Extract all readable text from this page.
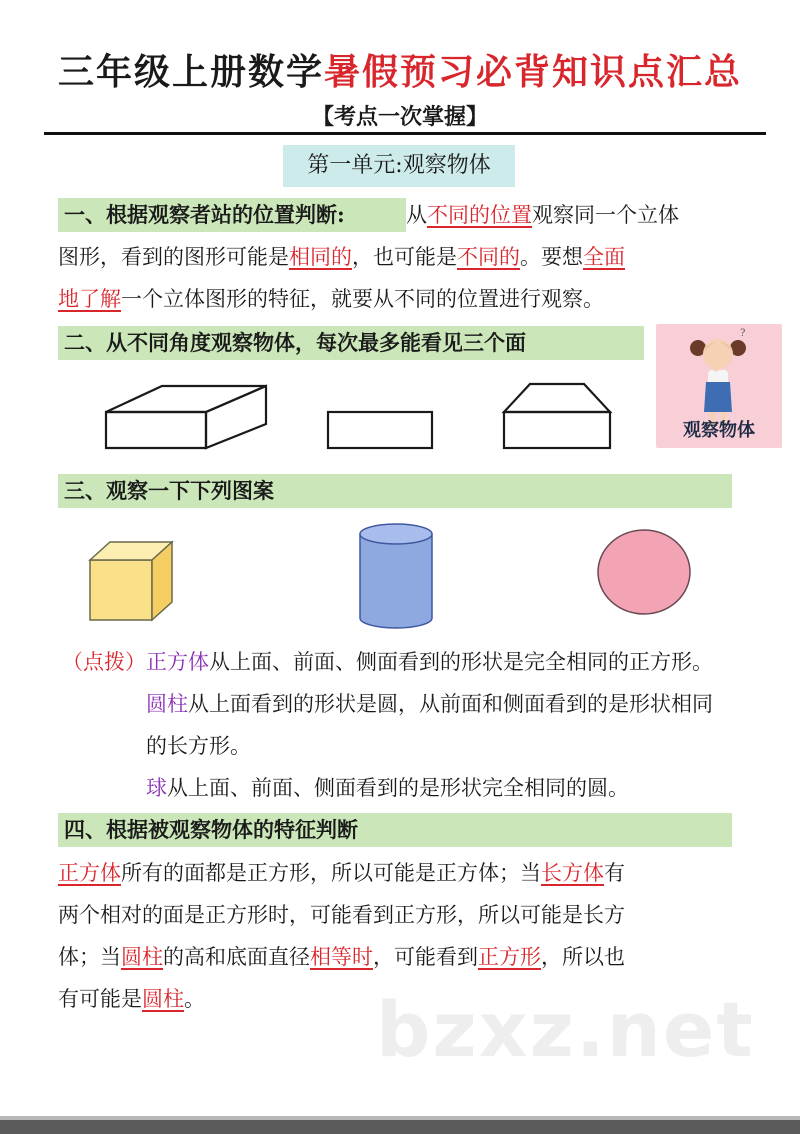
三年级上册数学暑假预习必背知识点汇总
【考点一次掌握】
第一单元:观察物体
一、根据观察者站的位置判断:	从不同的位置观察同一个立体
图形，看到的图形可能是相同的，也可能是不同的。要想全面
地了解一个立体图形的特征，就要从不同的位置进行观察。
二、从不同角度观察物体，每次最多能看见三个面	?
观察物体
三、观察一下下列图案
（点拨）正方体从上面、前面、侧面看到的形状是完全相同的正方形。
圆柱从上面看到的形状是圆，从前面和侧面看到的是形状相同
的长方形。
球从上面、前面、侧面看到的是形状完全相同的圆。
四、根据被观察物体的特征判断
正方体所有的面都是正方形，所以可能是正方体；当长方体有
两个相对的面是正方形时，可能看到正方形，所以可能是长方
体；当圆柱的高和底面直径相等时，可能看到正方形，所以也
有可能是圆柱。 bzxz.net
